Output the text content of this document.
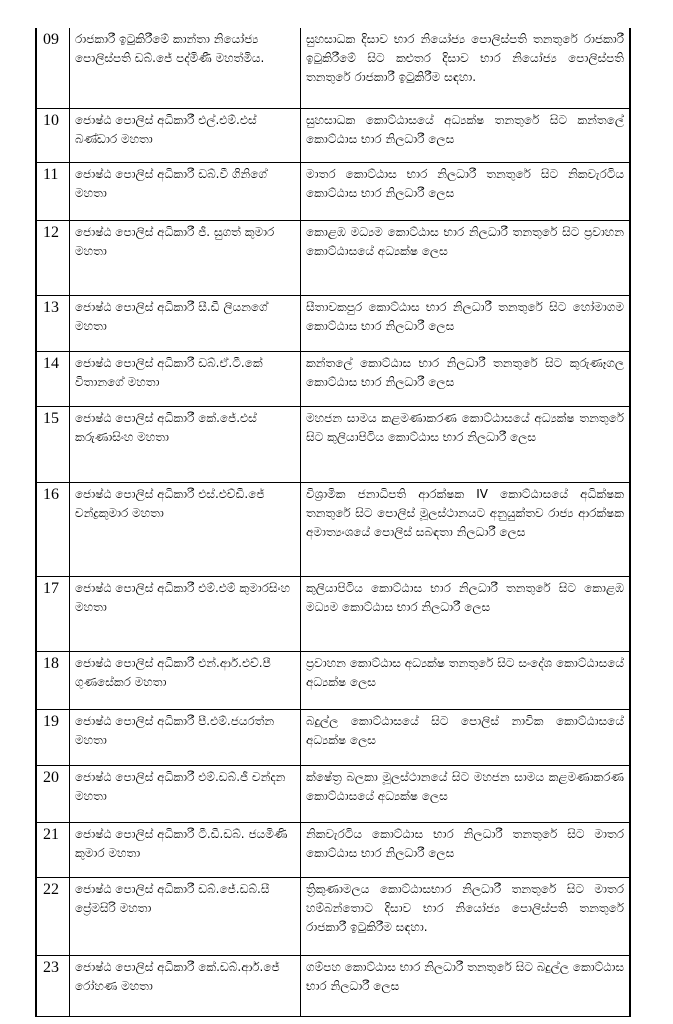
09	රාජකාරී ඉටුකිරීමේ කාන්තා නියෝජ්‍ය පොලිස්පති ඩබ්.ජේ පද්මිණී මහත්මිය.	සුහසාධක දිසාව භාර නියෝජ්‍ය පොලිස්පති තනතුරේ රාජකාරී ඉටුකිරීමේ සිට කළුතර දිසාව භාර නියෝජ්‍ය පොලිස්පති තනතුරේ රාජකාරී ඉටුකිරීම සඳහා.
10	ජොෂ්ඨ පොලිස් අධිකාරී එල්.එම්.එස් බණ්ඩාර මහතා	සුහසාධක කොට්ඨාසයේ අධ්‍යක්ෂ තනතුරේ සිට කන්තලේ කොට්ඨාස භාර නිලධාරී ලෙස
11	ජොෂ්ඨ පොලිස් අධිකාරී ඩබ්.වී ගිනිගේ මහතා	මාතර කොට්ඨාස භාර නිලධාරී තනතුරේ සිට නිකවැරටිය කොට්ඨාස භාර නිලධාරී ලෙස
12	ජොෂ්ඨ පොලිස් අධිකාරී ජී. සුගත් කුමාර මහතා	කොළඹ මධ්‍යම කොට්ඨාස භාර නිලධාරී තනතුරේ සිට ප්‍රවාහන කොට්ඨාසයේ අධ්‍යක්ෂ ලෙස
13	ජොෂ්ඨ පොලිස් අධිකාරී සී.ඩී ලියනගේ මහතා	සීතාවකපුර කොට්ඨාස භාර නිලධාරී තනතුරේ සිට හෝමාගම කොට්ඨාස භාර නිලධාරී ලෙස
14	ජොෂ්ඨ පොලිස් අධිකාරී ඩබ්.ඒ.ටී.කේ විතානගේ මහතා	කන්තලේ කොට්ඨාස භාර නිලධාරී තනතුරේ සිට කුරුණෑගල කොට්ඨාස භාර නිලධාරී ලෙස
15	ජොෂ්ඨ පොලිස් අධිකාරී කේ.ජේ.එස් කරුණාසිංහ මහතා	මහජන සාමය කළමණාකරණ කොට්ඨාසයේ අධ්‍යක්ෂ තනතුරේ සිට කුලියාපිටිය කොට්ඨාස භාර නිලධාරී ලෙස
16	ජොෂ්ඨ පොලිස් අධිකාරී එස්.එච්ඩී.ජේ චන්ද්‍රකුමාර මහතා	විශ්‍රාමික ජනාධිපති ආරක්ෂක IV කොට්ඨාසයේ අධික්ෂක තනතුරේ සිට පොලිස් මූලස්ථානයට අනුයුක්තව රාජ්‍ය ආරක්ෂක අමාත්‍යංශයේ පොලිස් සබඳතා නිලධාරී ලෙස
17	ජොෂ්ඨ පොලිස් අධිකාරී එම්.එම් කුමාරසිංහ මහතා	කුලියාපිටිය කොට්ඨාස භාර නිලධාරී තනතුරේ සිට කොළඹ මධ්‍යම කොට්ඨාස භාර නිලධාරී ලෙස
18	ජොෂ්ඨ පොලිස් අධිකාරී එන්.ආර්.එච්.පී ගුණසේකර මහතා	ප්‍රවාහන කොට්ඨාස අධ්‍යක්ෂ තනතුරේ සිට සංදේශ කොට්ඨාසයේ අධ්‍යක්ෂ ලෙස
19	ජොෂ්ඨ පොලිස් අධිකාරී පී.එම්.ජයරත්න මහතා	බදුල්ල කොට්ඨාසයේ සිට පොලිස් නාවික කොට්ඨාසයේ අධ්‍යක්ෂ ලෙස
20	ජොෂ්ඨ පොලිස් අධිකාරී එම්.ඩබ්.ජී චන්දන මහතා	ක්ෂේත්‍ර බලකා මූලස්ථානයේ සිට මහජන සාමය කළමණාකරණ කොට්ඨාසයේ අධ්‍යක්ෂ ලෙස
21	ජොෂ්ඨ පොලිස් අධිකාරී ටී.ඩී.ඩබ්. ජයමිණි කුමාර මහතා	නිකවැරටිය කොට්ඨාස භාර නිලධාරී තනතුරේ සිට මාතර කොට්ඨාස භාර නිලධාරී ලෙස
22	ජොෂ්ඨ පොලිස් අධිකාරී ඩබ්.ජේ.ඩබ්.සී ප්‍රේමසිරි මහතා	ත්‍රිකුණාමලය කොට්ඨාසභාර නිලධාරී තනතුරේ සිට මාතර හම්බන්තොට දිසාව භාර නියෝජ්‍ය පොලිස්පති තනතුරේ රාජකාරී ඉටුකිරීම සඳහා.
23	ජොෂ්ඨ පොලිස් අධිකාරී කේ.ඩබ්.ආර්.ජේ රෝහණ මහතා	ගම්පහ කොට්ඨාස භාර නිලධාරී තනතුරේ සිට බදුල්ල කොට්ඨාස භාර නිලධාරී ලෙස
